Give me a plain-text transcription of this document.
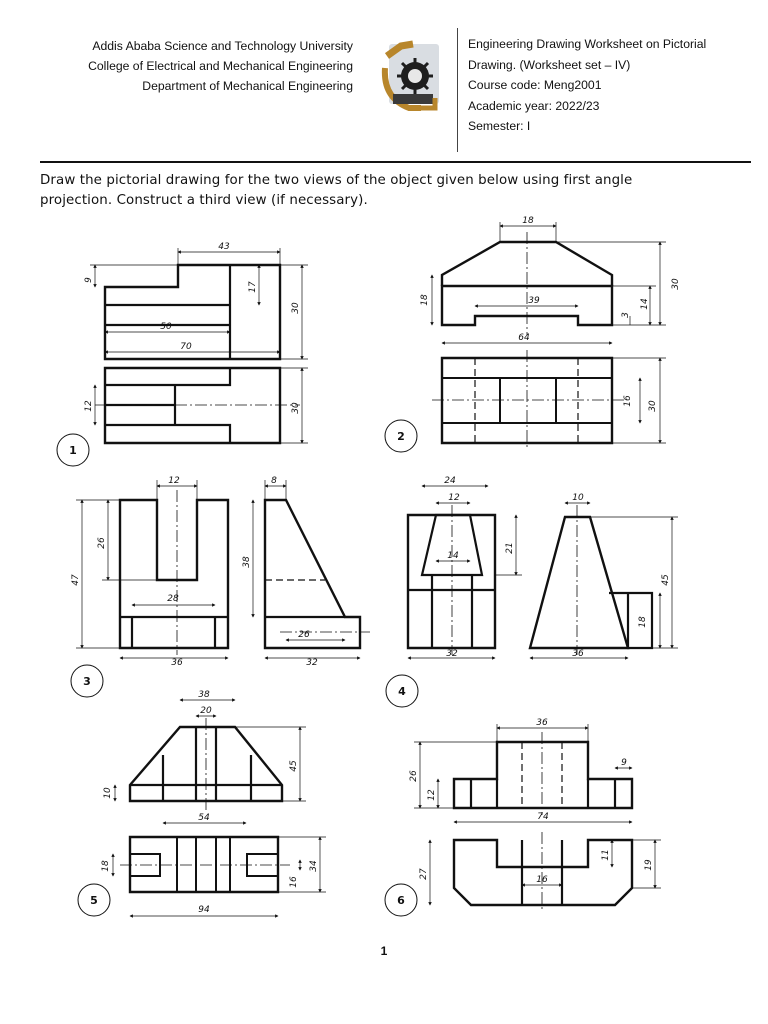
Addis Ababa Science and Technology University
College of Electrical and Mechanical Engineering
Department of Mechanical Engineering
Engineering Drawing Worksheet on Pictorial
Drawing. (Worksheet set – IV)
Course code: Meng2001
Academic year: 2022/23
Semester: I
Draw the pictorial drawing for the two views of the object given below using first angle
projection. Construct a third view (if necessary).
1
2
3
4
5	6
43
9
17
30
50
70
12	30
18
30
18	39
3
14
64
16 30
12	8
26
47
38
28
26
36	32
24
12	10
21
14
45
18
32	36
38
20
45
10
54
18
16
34
94
36
9
26
12
74
11
27
19
16
1
